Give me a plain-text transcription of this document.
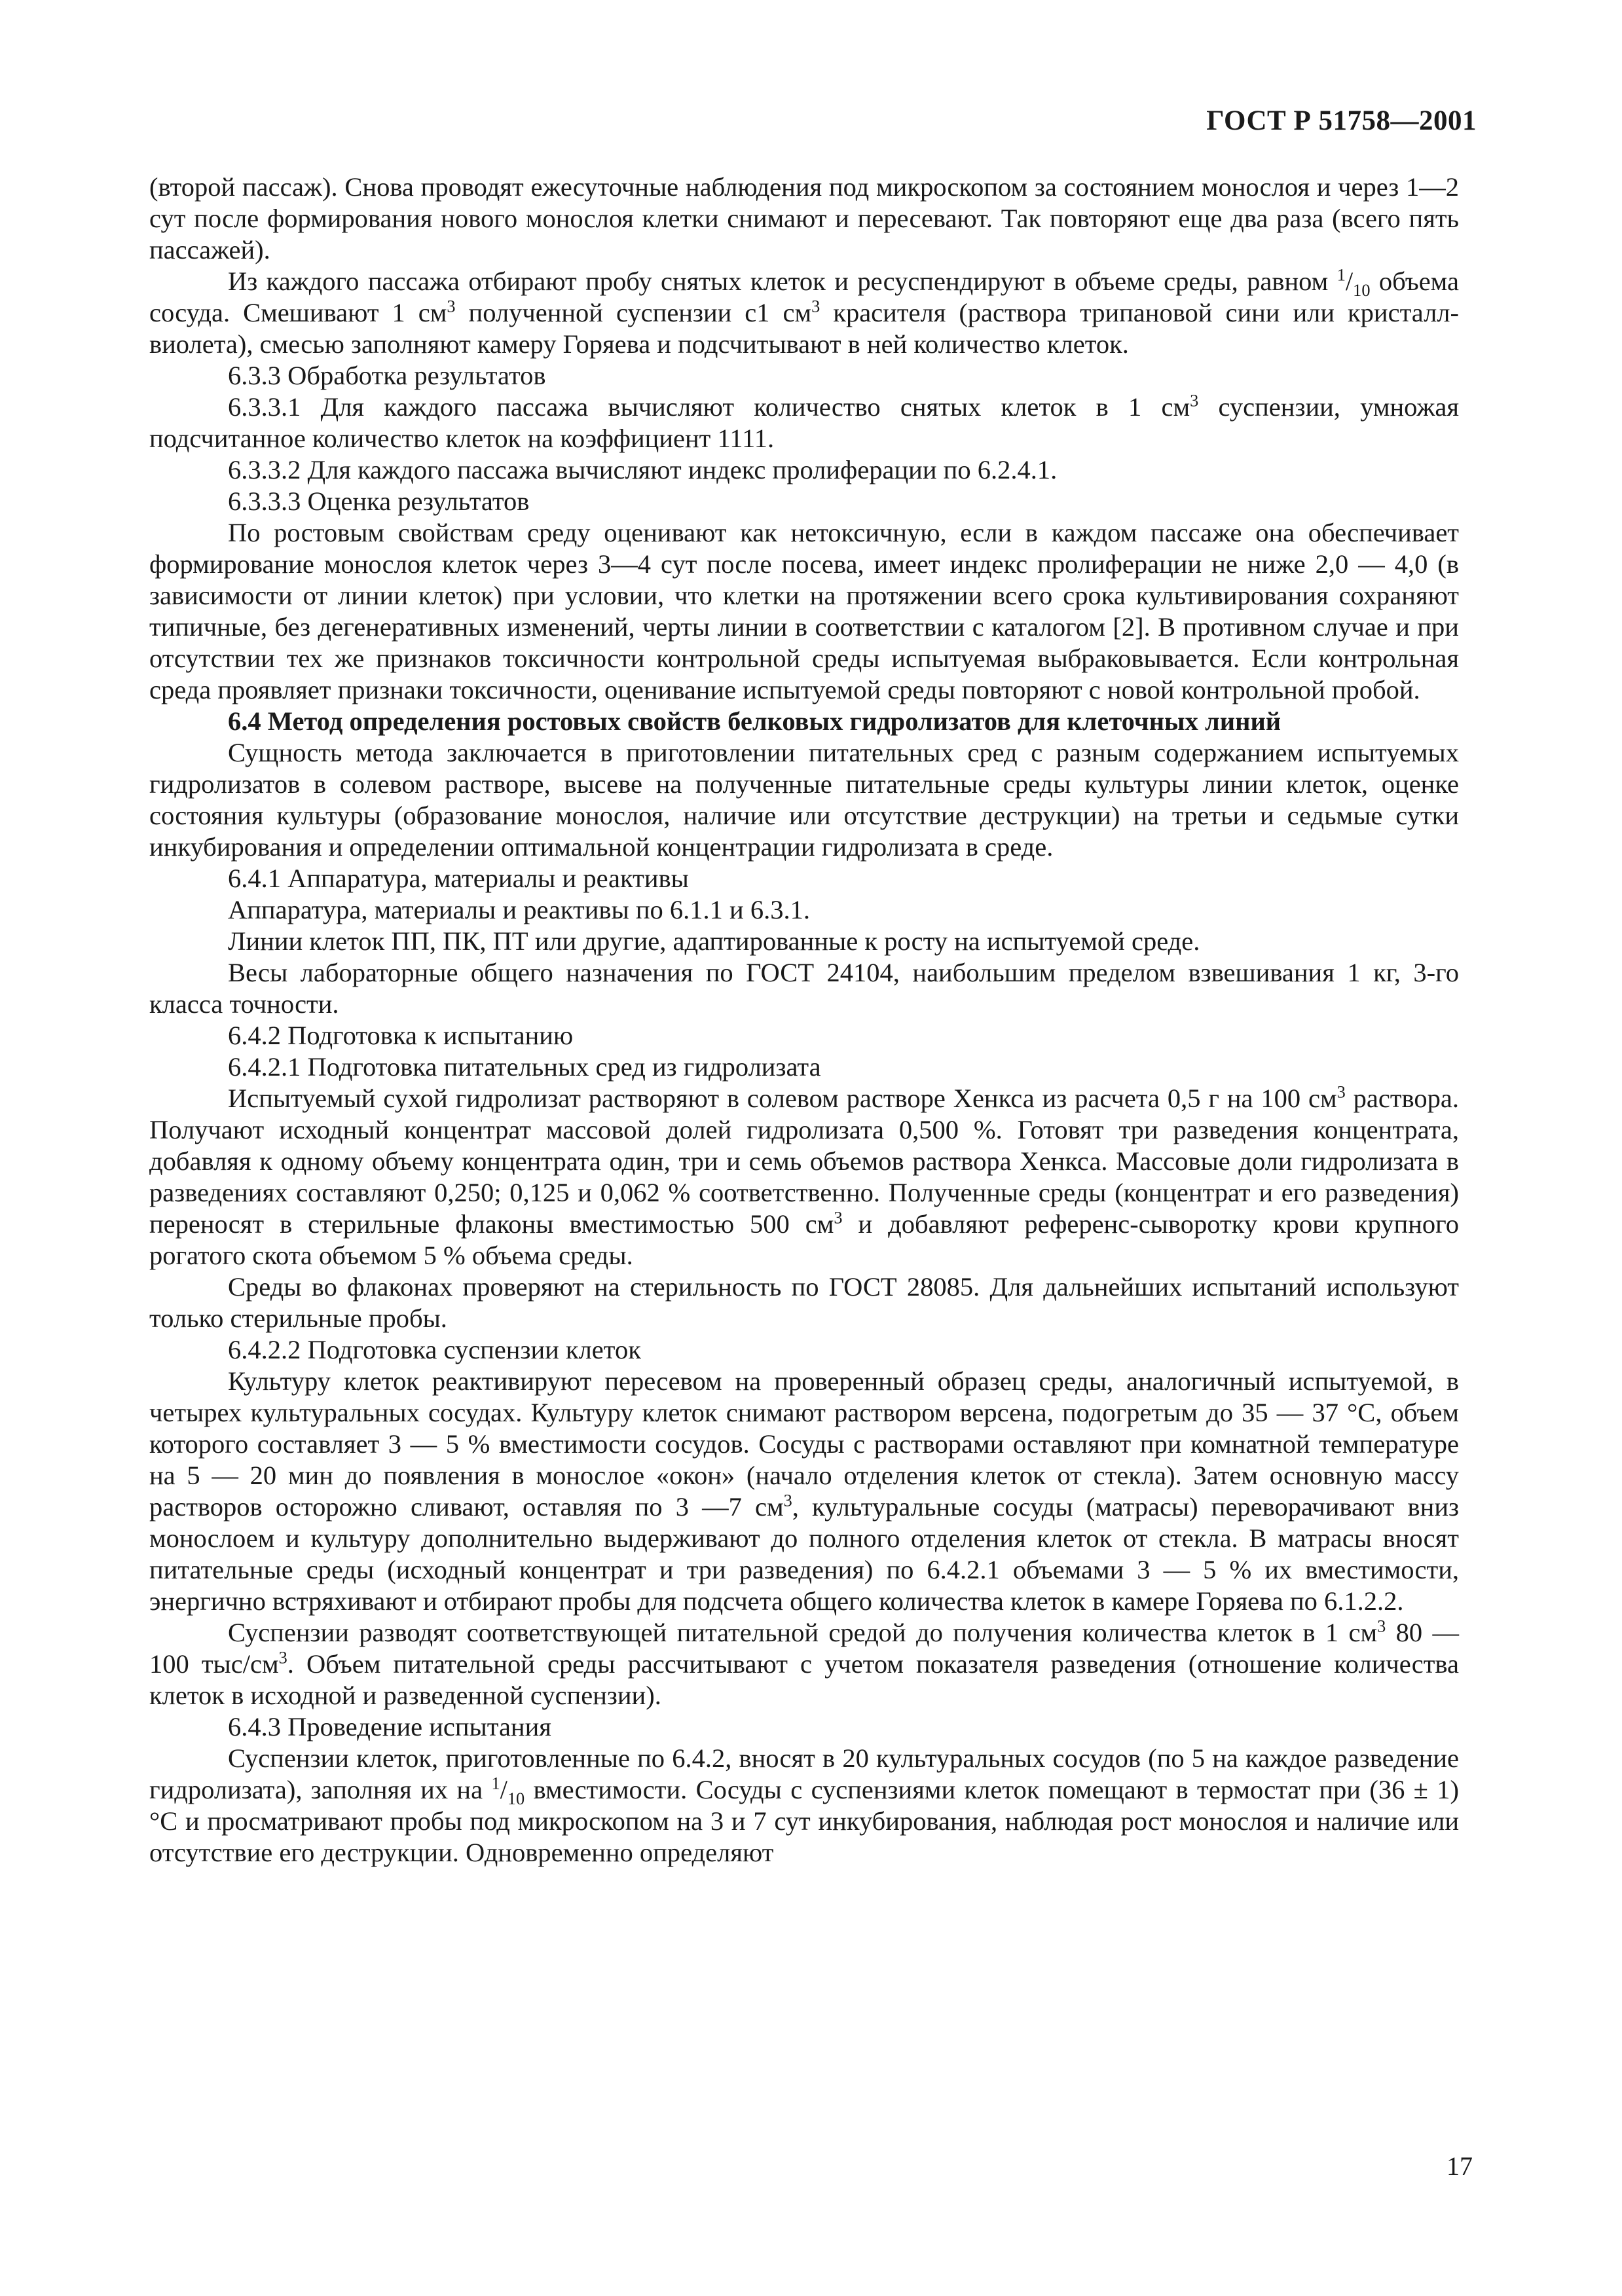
ГОСТ Р 51758—2001

(второй пассаж). Снова проводят ежесуточные наблюдения под микроскопом за состоянием монослоя и через 1—2 сут после формирования нового монослоя клетки снимают и пересевают. Так повторяют еще два раза (всего пять пассажей).

Из каждого пассажа отбирают пробу снятых клеток и ресуспендируют в объеме среды, равном $^1/_{10}$ объема сосуда. Смешивают 1 $см^3$ полученной суспензии с1 $см^3$ красителя (раствора трипановой сини или кристалл-виолета), смесью заполняют камеру Горяева и подсчитывают в ней количество клеток.

6.3.3 Обработка результатов

6.3.3.1 Для каждого пассажа вычисляют количество снятых клеток в 1 $см^3$ суспензии, умножая подсчитанное количество клеток на коэффициент 1111.

6.3.3.2 Для каждого пассажа вычисляют индекс пролиферации по 6.2.4.1.

6.3.3.3 Оценка результатов

По ростовым свойствам среду оценивают как нетоксичную, если в каждом пассаже она обеспечивает формирование монослоя клеток через 3—4 сут после посева, имеет индекс пролиферации не ниже 2,0 — 4,0 (в зависимости от линии клеток) при условии, что клетки на протяжении всего срока культивирования сохраняют типичные, без дегенеративных изменений, черты линии в соответствии с каталогом [2]. В противном случае и при отсутствии тех же признаков токсичности контрольной среды испытуемая выбраковывается. Если контрольная среда проявляет признаки токсичности, оценивание испытуемой среды повторяют с новой контрольной пробой.

6.4 Метод определения ростовых свойств белковых гидролизатов для клеточных линий

Сущность метода заключается в приготовлении питательных сред с разным содержанием испытуемых гидролизатов в солевом растворе, высеве на полученные питательные среды культуры линии клеток, оценке состояния культуры (образование монослоя, наличие или отсутствие деструкции) на третьи и седьмые сутки инкубирования и определении оптимальной концентрации гидролизата в среде.

6.4.1 Аппаратура, материалы и реактивы

Аппаратура, материалы и реактивы по 6.1.1 и 6.3.1.

Линии клеток ПП, ПК, ПТ или другие, адаптированные к росту на испытуемой среде.

Весы лабораторные общего назначения по ГОСТ 24104, наибольшим пределом взвешивания 1 кг, 3-го класса точности.

6.4.2 Подготовка к испытанию

6.4.2.1 Подготовка питательных сред из гидролизата

Испытуемый сухой гидролизат растворяют в солевом растворе Хенкса из расчета 0,5 г на 100 $см^3$ раствора. Получают исходный концентрат массовой долей гидролизата 0,500 %. Готовят три разведения концентрата, добавляя к одному объему концентрата один, три и семь объемов раствора Хенкса. Массовые доли гидролизата в разведениях составляют 0,250; 0,125 и 0,062 % соответственно. Полученные среды (концентрат и его разведения) переносят в стерильные флаконы вместимостью 500 $см^3$ и добавляют референс-сыворотку крови крупного рогатого скота объемом 5 % объема среды.

Среды во флаконах проверяют на стерильность по ГОСТ 28085. Для дальнейших испытаний используют только стерильные пробы.

6.4.2.2 Подготовка суспензии клеток

Культуру клеток реактивируют пересевом на проверенный образец среды, аналогичный испытуемой, в четырех культуральных сосудах. Культуру клеток снимают раствором версена, подогретым до 35 — 37 °С, объем которого составляет 3 — 5 % вместимости сосудов. Сосуды с растворами оставляют при комнатной температуре на 5 — 20 мин до появления в монослое «окон» (начало отделения клеток от стекла). Затем основную массу растворов осторожно сливают, оставляя по 3 —7 $см^3$, культуральные сосуды (матрасы) переворачивают вниз монослоем и культуру дополнительно выдерживают до полного отделения клеток от стекла. В матрасы вносят питательные среды (исходный концентрат и три разведения) по 6.4.2.1 объемами 3 — 5 % их вместимости, энергично встряхивают и отбирают пробы для подсчета общего количества клеток в камере Горяева по 6.1.2.2.

Суспензии разводят соответствующей питательной средой до получения количества клеток в 1 $см^3$ 80 — 100 тыс/$см^3$. Объем питательной среды рассчитывают с учетом показателя разведения (отношение количества клеток в исходной и разведенной суспензии).

6.4.3 Проведение испытания

Суспензии клеток, приготовленные по 6.4.2, вносят в 20 культуральных сосудов (по 5 на каждое разведение гидролизата), заполняя их на $^1/_{10}$ вместимости. Сосуды с суспензиями клеток помещают в термостат при (36 ± 1) °С и просматривают пробы под микроскопом на 3 и 7 сут инкубирования, наблюдая рост монослоя и наличие или отсутствие его деструкции. Одновременно определяют

17
